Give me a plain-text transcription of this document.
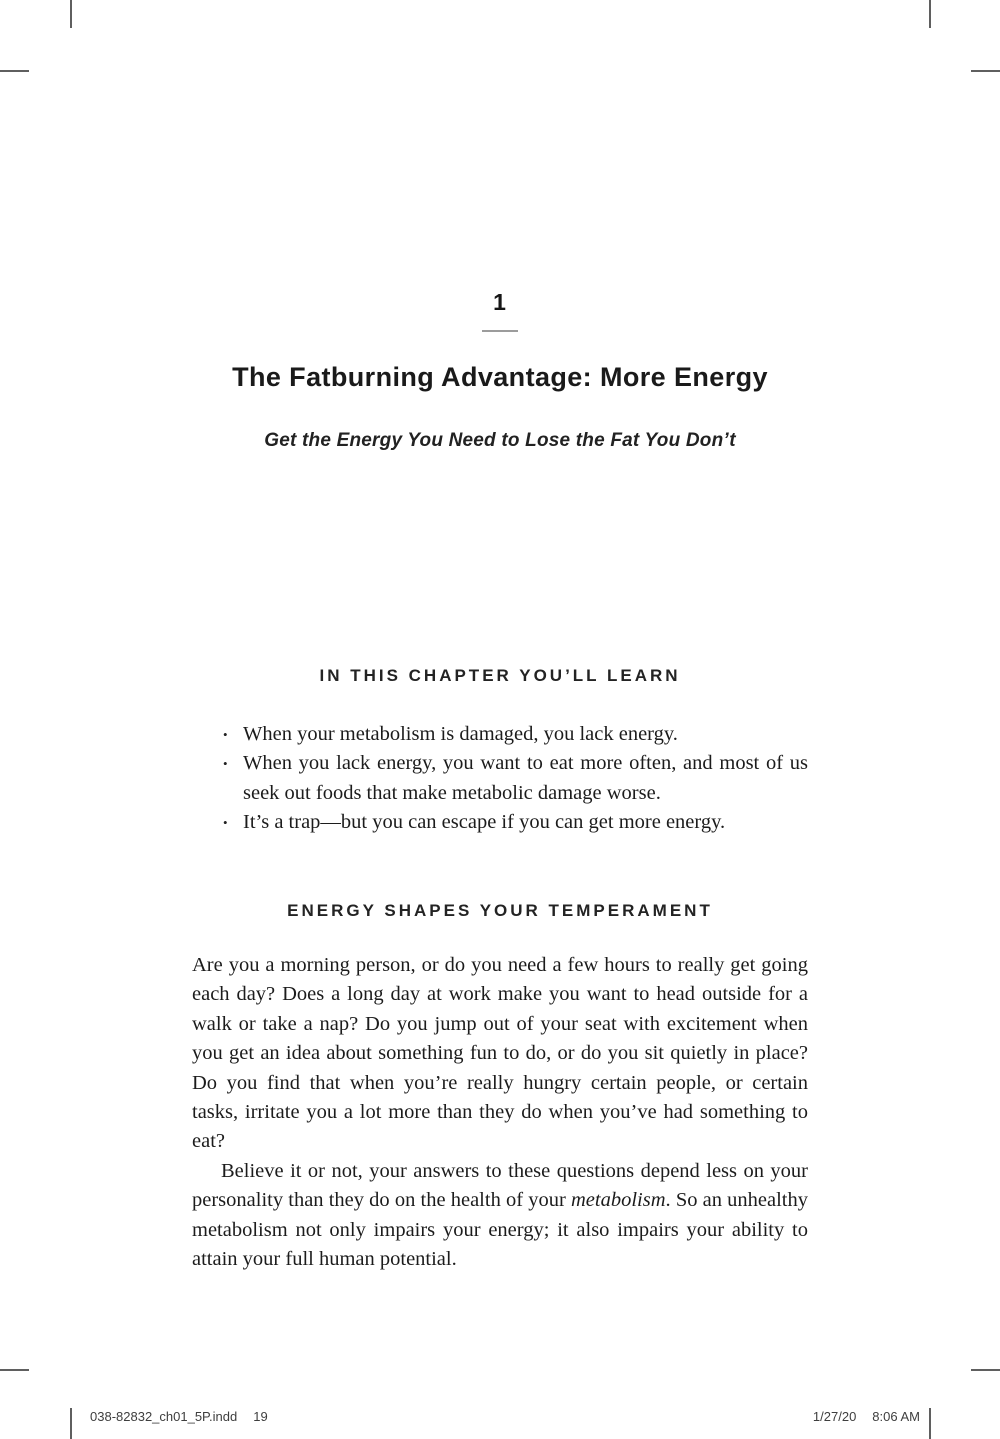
1
The Fatburning Advantage: More Energy
Get the Energy You Need to Lose the Fat You Don’t
IN THIS CHAPTER YOU’LL LEARN
• When your metabolism is damaged, you lack energy.
• When you lack energy, you want to eat more often, and most of us seek out foods that make metabolic damage worse.
• It’s a trap—but you can escape if you can get more energy.
ENERGY SHAPES YOUR TEMPERAMENT

Are you a morning person, or do you need a few hours to really get going each day? Does a long day at work make you want to head outside for a walk or take a nap? Do you jump out of your seat with excitement when you get an idea about something fun to do, or do you sit quietly in place? Do you find that when you’re really hungry certain people, or certain tasks, irritate you a lot more than they do when you’ve had something to eat?

Believe it or not, your answers to these questions depend less on your personality than they do on the health of your metabolism. So an unhealthy metabolism not only impairs your energy; it also impairs your ability to attain your full human potential.

038-82832_ch01_5P.indd 19	1/27/20 8:06 AM
